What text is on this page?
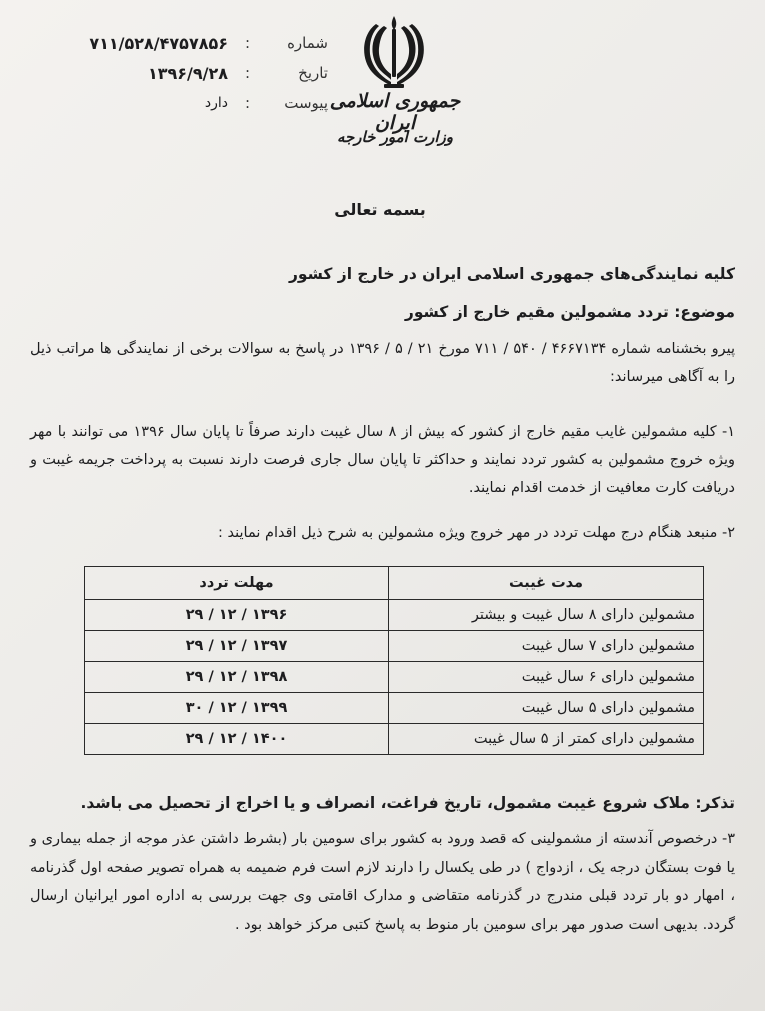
شماره
:
۷۱۱/۵۲۸/۴۷۵۷۸۵۶
تاریخ
:
۱۳۹۶/۹/۲۸
پیوست
:
دارد	جمهوری اسلامی ایران
وزارت امور خارجه
بسمه تعالی
کلیه نمایندگی‌های جمهوری اسلامی ایران در خارج از کشور
موضوع: تردد مشمولین مقیم خارج از کشور
پیرو بخشنامه شماره ۴۶۶۷۱۳۴ / ۵۴۰ / ۷۱۱ مورخ ۲۱ / ۵ / ۱۳۹۶ در پاسخ به سوالات برخی از نمایندگی ها مراتب ذیل را به آگاهی میرساند:
۱- کلیه مشمولین غایب مقیم خارج از کشور که بیش از ۸ سال غیبت دارند صرفاً تا پایان سال ۱۳۹۶ می توانند با مهر ویژه خروج مشمولین به کشور تردد نمایند و حداکثر تا پایان سال جاری فرصت دارند نسبت به پرداخت جریمه غیبت و دریافت کارت معافیت از خدمت اقدام نمایند.
۲- منبعد هنگام درج مهلت تردد در مهر خروج ویژه مشمولین به شرح ذیل اقدام نمایند :
مدت غیبت	مهلت تردد
مشمولین دارای ۸ سال غیبت و بیشتر	۱۳۹۶ / ۱۲ / ۲۹
مشمولین دارای ۷ سال غیبت	۱۳۹۷ / ۱۲ / ۲۹
مشمولین دارای ۶ سال غیبت	۱۳۹۸ / ۱۲ / ۲۹
مشمولین دارای ۵ سال غیبت	۱۳۹۹ / ۱۲ / ۳۰
مشمولین دارای کمتر از ۵ سال غیبت	۱۴۰۰ / ۱۲ / ۲۹
تذکر: ملاک شروع غیبت مشمول، تاریخ فراغت، انصراف و یا اخراج از تحصیل می باشد.
۳- درخصوص آندسته از مشمولینی که قصد ورود به کشور برای سومین بار (بشرط داشتن عذر موجه از جمله بیماری و یا فوت بستگان درجه یک ، ازدواج ) در طی یکسال را دارند لازم است فرم ضمیمه به همراه تصویر صفحه اول گذرنامه ، امهار دو بار تردد قبلی مندرج در گذرنامه متقاضی و مدارک اقامتی وی جهت بررسی به اداره امور ایرانیان ارسال گردد. بدیهی است صدور مهر برای سومین بار منوط به پاسخ کتبی مرکز خواهد بود .
